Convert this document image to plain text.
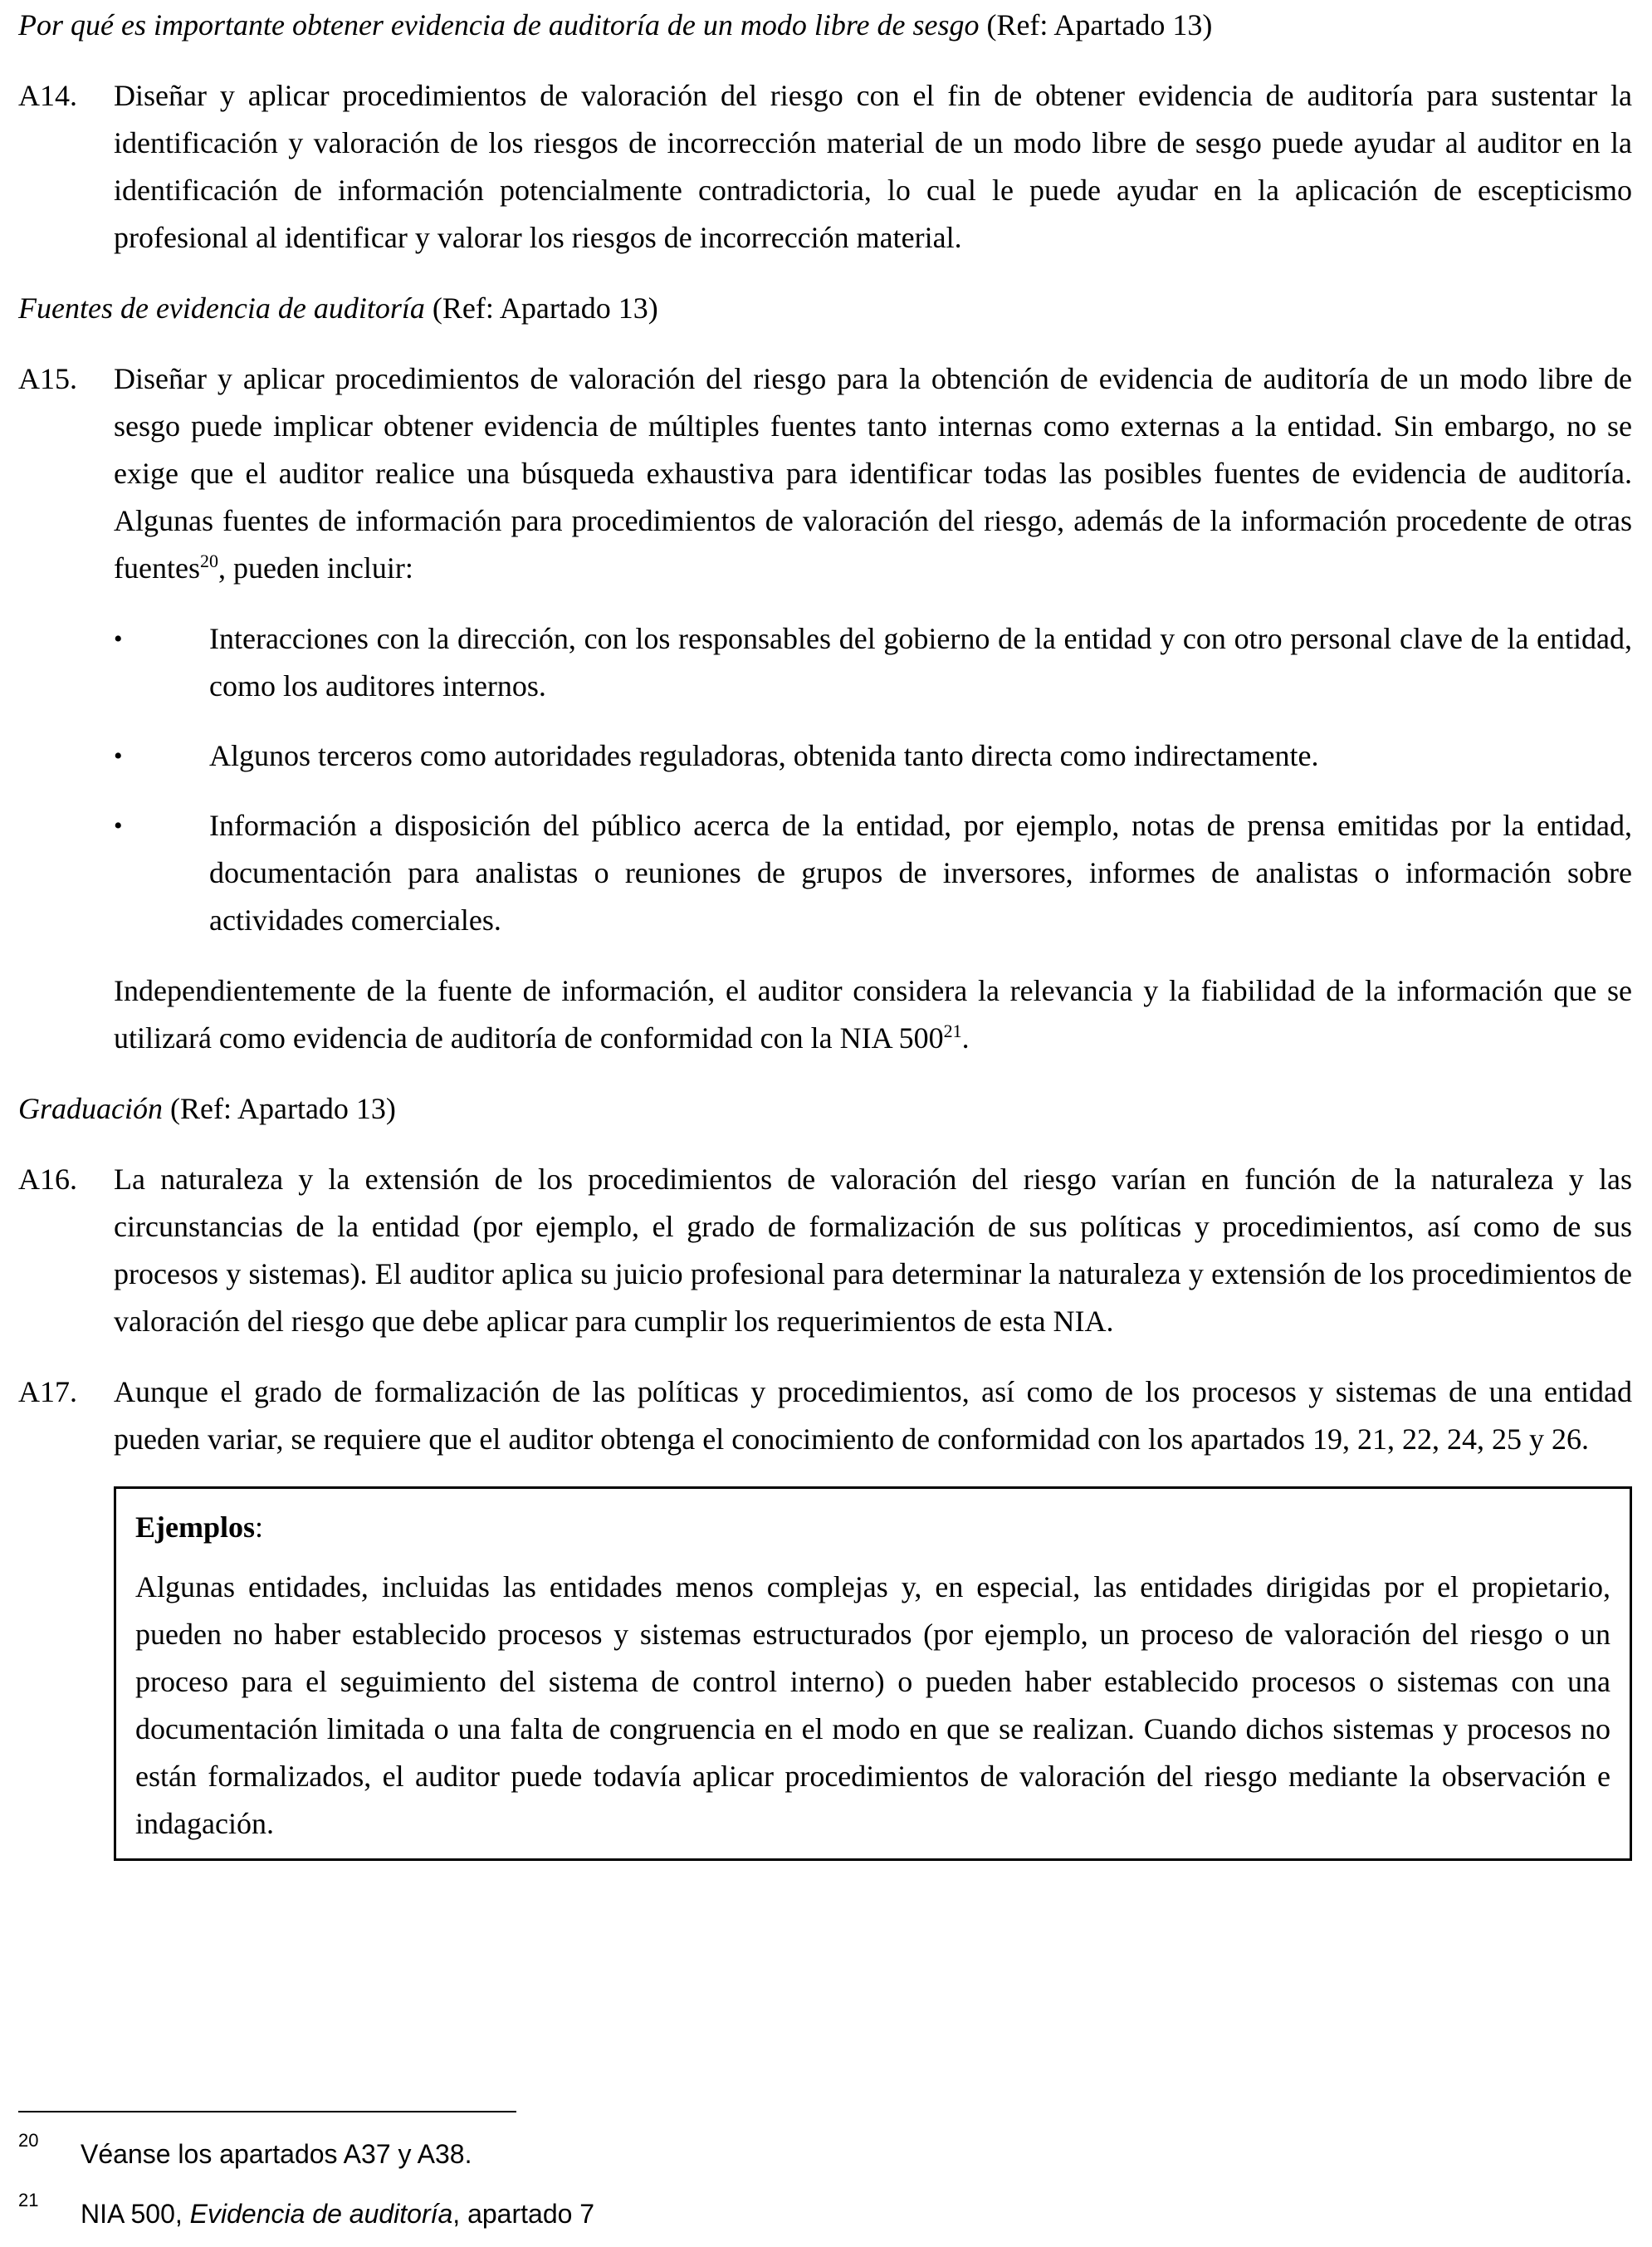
Por qué es importante obtener evidencia de auditoría de un modo libre de sesgo (Ref: Apartado 13)

A14.	Diseñar y aplicar procedimientos de valoración del riesgo con el fin de obtener evidencia de auditoría para sustentar la identificación y valoración de los riesgos de incorrección material de un modo libre de sesgo puede ayudar al auditor en la identificación de información potencialmente contradictoria, lo cual le puede ayudar en la aplicación de escepticismo profesional al identificar y valorar los riesgos de incorrección material.

Fuentes de evidencia de auditoría (Ref: Apartado 13)

A15.	Diseñar y aplicar procedimientos de valoración del riesgo para la obtención de evidencia de auditoría de un modo libre de sesgo puede implicar obtener evidencia de múltiples fuentes tanto internas como externas a la entidad. Sin embargo, no se exige que el auditor realice una búsqueda exhaustiva para identificar todas las posibles fuentes de evidencia de auditoría. Algunas fuentes de información para procedimientos de valoración del riesgo, además de la información procedente de otras fuentes$^{20}$, pueden incluir:
•	Interacciones con la dirección, con los responsables del gobierno de la entidad y con otro personal clave de la entidad, como los auditores internos.
•	Algunos terceros como autoridades reguladoras, obtenida tanto directa como indirectamente.
•	Información a disposición del público acerca de la entidad, por ejemplo, notas de prensa emitidas por la entidad, documentación para analistas o reuniones de grupos de inversores, informes de analistas o información sobre actividades comerciales.

Independientemente de la fuente de información, el auditor considera la relevancia y la fiabilidad de la información que se utilizará como evidencia de auditoría de conformidad con la NIA $500^{21}$.

Graduación (Ref: Apartado 13)

A16.	La naturaleza y la extensión de los procedimientos de valoración del riesgo varían en función de la naturaleza y las circunstancias de la entidad (por ejemplo, el grado de formalización de sus políticas y procedimientos, así como de sus procesos y sistemas). El auditor aplica su juicio profesional para determinar la naturaleza y extensión de los procedimientos de valoración del riesgo que debe aplicar para cumplir los requerimientos de esta NIA.
A17.	Aunque el grado de formalización de las políticas y procedimientos, así como de los procesos y sistemas de una entidad pueden variar, se requiere que el auditor obtenga el conocimiento de conformidad con los apartados 19, 21, 22, 24, 25 y 26.

Ejemplos:

Algunas entidades, incluidas las entidades menos complejas y, en especial, las entidades dirigidas por el propietario, pueden no haber establecido procesos y sistemas estructurados (por ejemplo, un proceso de valoración del riesgo o un proceso para el seguimiento del sistema de control interno) o pueden haber establecido procesos o sistemas con una documentación limitada o una falta de congruencia en el modo en que se realizan. Cuando dichos sistemas y procesos no están formalizados, el auditor puede todavía aplicar procedimientos de valoración del riesgo mediante la observación e indagación.

20	Véanse los apartados A37 y A38.
21	NIA 500, Evidencia de auditoría, apartado 7
